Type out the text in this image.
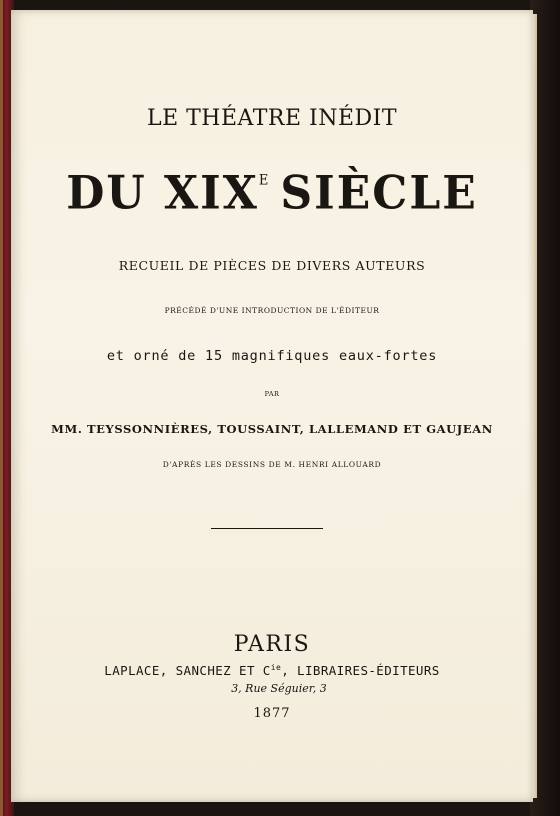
LE THÉATRE INÉDIT
DU $XIX^E$ SIÈCLE
RECUEIL DE PIÈCES DE DIVERS AUTEURS
PRÉCÉDÉ D'UNE INTRODUCTION DE L'ÉDITEUR
et orné de 15 magnifiques eaux-fortes
PAR
MM. TEYSSONNIÈRES, TOUSSAINT, LALLEMAND ET GAUJEAN
D'APRÈS LES DESSINS DE M. HENRI ALLOUARD
PARIS
LAPLACE, SANCHEZ ET $C^{ie}$, LIBRAIRES-ÉDITEURS
3, Rue Séguier, 3
1877
